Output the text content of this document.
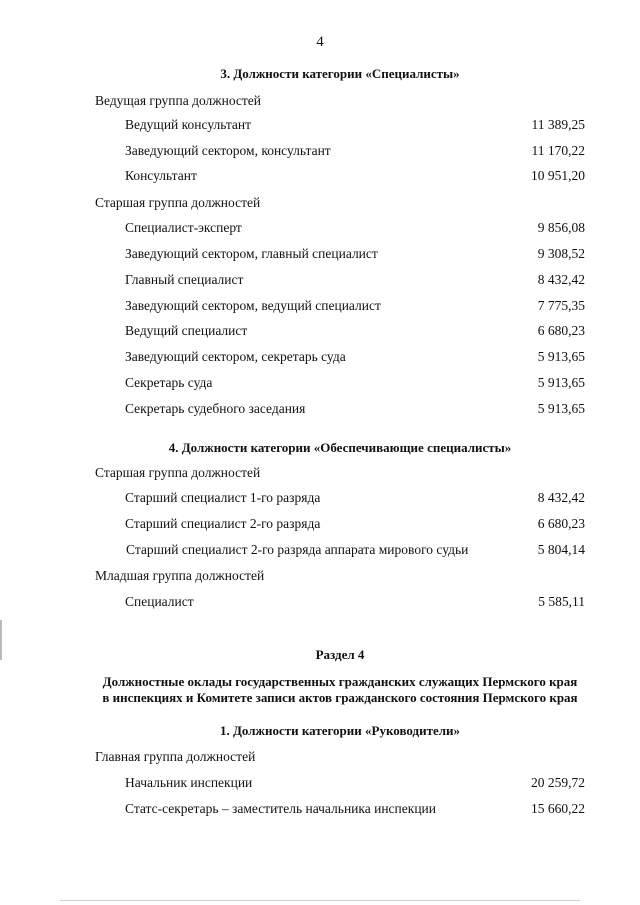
4
3. Должности категории «Специалисты»
Ведущая группа должностей
Ведущий консультант	11 389,25
Заведующий сектором, консультант	11 170,22
Консультант	10 951,20
Старшая группа должностей
Специалист-эксперт	9 856,08
Заведующий сектором, главный специалист	9 308,52
Главный специалист	8 432,42
Заведующий сектором, ведущий специалист	7 775,35
Ведущий специалист	6 680,23
Заведующий сектором, секретарь суда	5 913,65
Секретарь суда	5 913,65
Секретарь судебного заседания	5 913,65
4. Должности категории «Обеспечивающие специалисты»
Старшая группа должностей
Старший специалист 1-го разряда	8 432,42
Старший специалист 2-го разряда	6 680,23
Старший специалист 2-го разряда аппарата мирового судьи	5 804,14
Младшая группа должностей
Специалист	5 585,11
Раздел 4
Должностные оклады государственных гражданских служащих Пермского края
в инспекциях и Комитете записи актов гражданского состояния Пермского края
1. Должности категории «Руководители»
Главная группа должностей
Начальник инспекции	20 259,72
Статс-секретарь – заместитель начальника инспекции	15 660,22
